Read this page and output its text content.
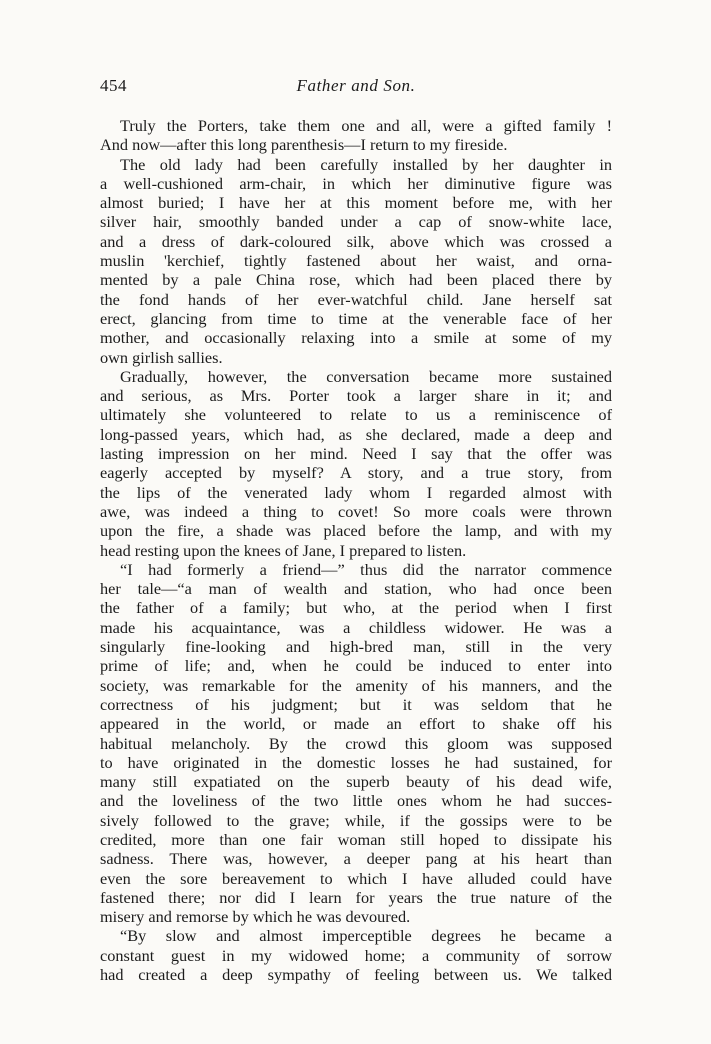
454	Father and Son.
Truly the Porters, take them one and all, were a gifted family !
And now—after this long parenthesis—I return to my fireside.
The old lady had been carefully installed by her daughter in
a well-cushioned arm-chair, in which her diminutive figure was
almost buried; I have her at this moment before me, with her
silver hair, smoothly banded under a cap of snow-white lace,
and a dress of dark-coloured silk, above which was crossed a
muslin 'kerchief, tightly fastened about her waist, and orna-
mented by a pale China rose, which had been placed there by
the fond hands of her ever-watchful child. Jane herself sat
erect, glancing from time to time at the venerable face of her
mother, and occasionally relaxing into a smile at some of my
own girlish sallies.
Gradually, however, the conversation became more sustained
and serious, as Mrs. Porter took a larger share in it; and
ultimately she volunteered to relate to us a reminiscence of
long-passed years, which had, as she declared, made a deep and
lasting impression on her mind. Need I say that the offer was
eagerly accepted by myself? A story, and a true story, from
the lips of the venerated lady whom I regarded almost with
awe, was indeed a thing to covet! So more coals were thrown
upon the fire, a shade was placed before the lamp, and with my
head resting upon the knees of Jane, I prepared to listen.
“I had formerly a friend—” thus did the narrator commence
her tale—“a man of wealth and station, who had once been
the father of a family; but who, at the period when I first
made his acquaintance, was a childless widower. He was a
singularly fine-looking and high-bred man, still in the very
prime of life; and, when he could be induced to enter into
society, was remarkable for the amenity of his manners, and the
correctness of his judgment; but it was seldom that he
appeared in the world, or made an effort to shake off his
habitual melancholy. By the crowd this gloom was supposed
to have originated in the domestic losses he had sustained, for
many still expatiated on the superb beauty of his dead wife,
and the loveliness of the two little ones whom he had succes-
sively followed to the grave; while, if the gossips were to be
credited, more than one fair woman still hoped to dissipate his
sadness. There was, however, a deeper pang at his heart than
even the sore bereavement to which I have alluded could have
fastened there; nor did I learn for years the true nature of the
misery and remorse by which he was devoured.
“By slow and almost imperceptible degrees he became a
constant guest in my widowed home; a community of sorrow
had created a deep sympathy of feeling between us. We talked
